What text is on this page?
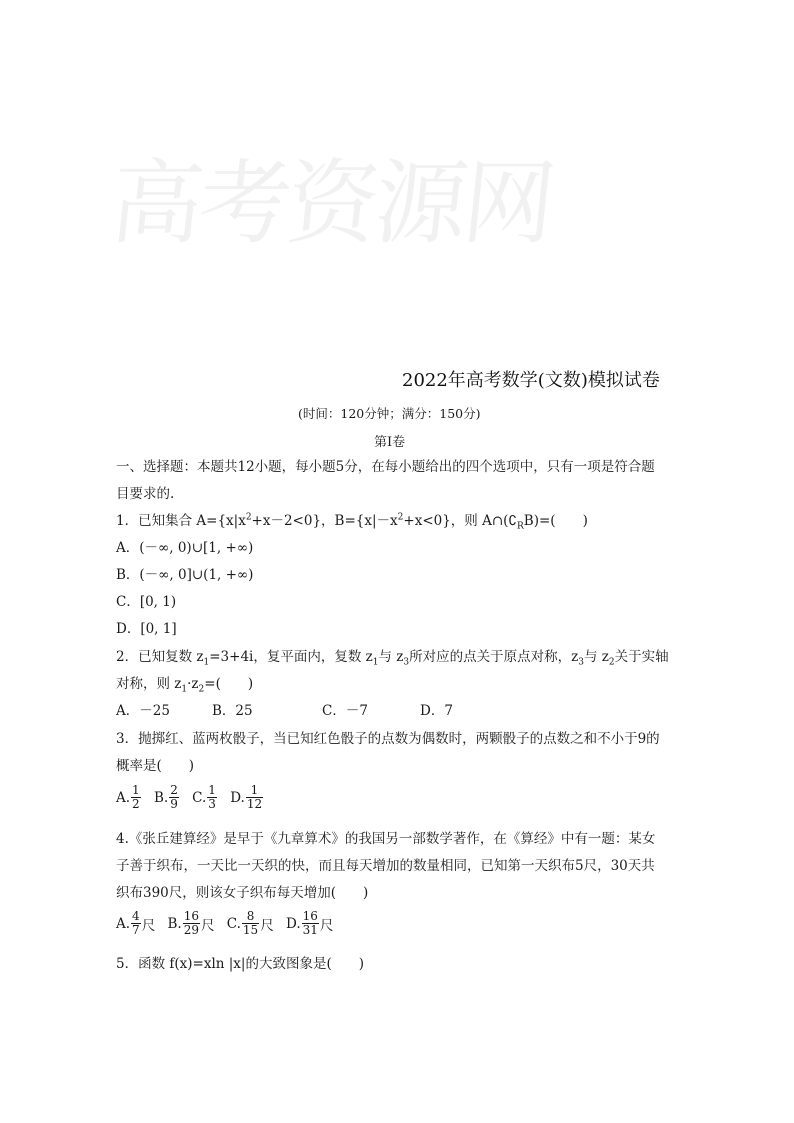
高考资源网
2022年高考数学(文数)模拟试卷
(时间：120分钟；满分：150分)
第Ⅰ卷
一、选择题：本题共12小题，每小题5分，在每小题给出的四个选项中，只有一项是符合题
目要求的.
1．已知集合 $A=\{x|x^2+x-2<0\}$，$B=\{x|-x^2+x<0\}$，则 $A\cap(∁_RB)=$(　　)
A．(－∞, 0)∪[1, +∞)
B．(－∞, 0]∪(1, +∞)
C．[0, 1)
D．[0, 1]
2．已知复数 $z_1=3+4i$，复平面内，复数 $z_1$与 $z_3$所对应的点关于原点对称，$z_3$与 $z_2$关于实轴
对称，则 $z_1\cdot z_2=$(　　)
A．－25	B．25	C．－7	D．7
3．抛掷红、蓝两枚骰子，当已知红色骰子的点数为偶数时，两颗骰子的点数之和不小于9的
概率是(　　)
A. $\frac{1}{2}$
B. $\frac{2}{9}$
C. $\frac{1}{3}$
D. $\frac{1}{12}$
4.《张丘建算经》是早于《九章算术》的我国另一部数学著作，在《算经》中有一题：某女
子善于织布，一天比一天织的快，而且每天增加的数量相同，已知第一天织布5尺，30天共
织布390尺，则该女子织布每天增加(　　)
A. $\frac{4}{7}$ 尺
B. $\frac{16}{29}$ 尺
C. $\frac{8}{15}$ 尺
D. $\frac{16}{31}$ 尺
5．函数 f(x)=xln |x|的大致图象是(　　)
